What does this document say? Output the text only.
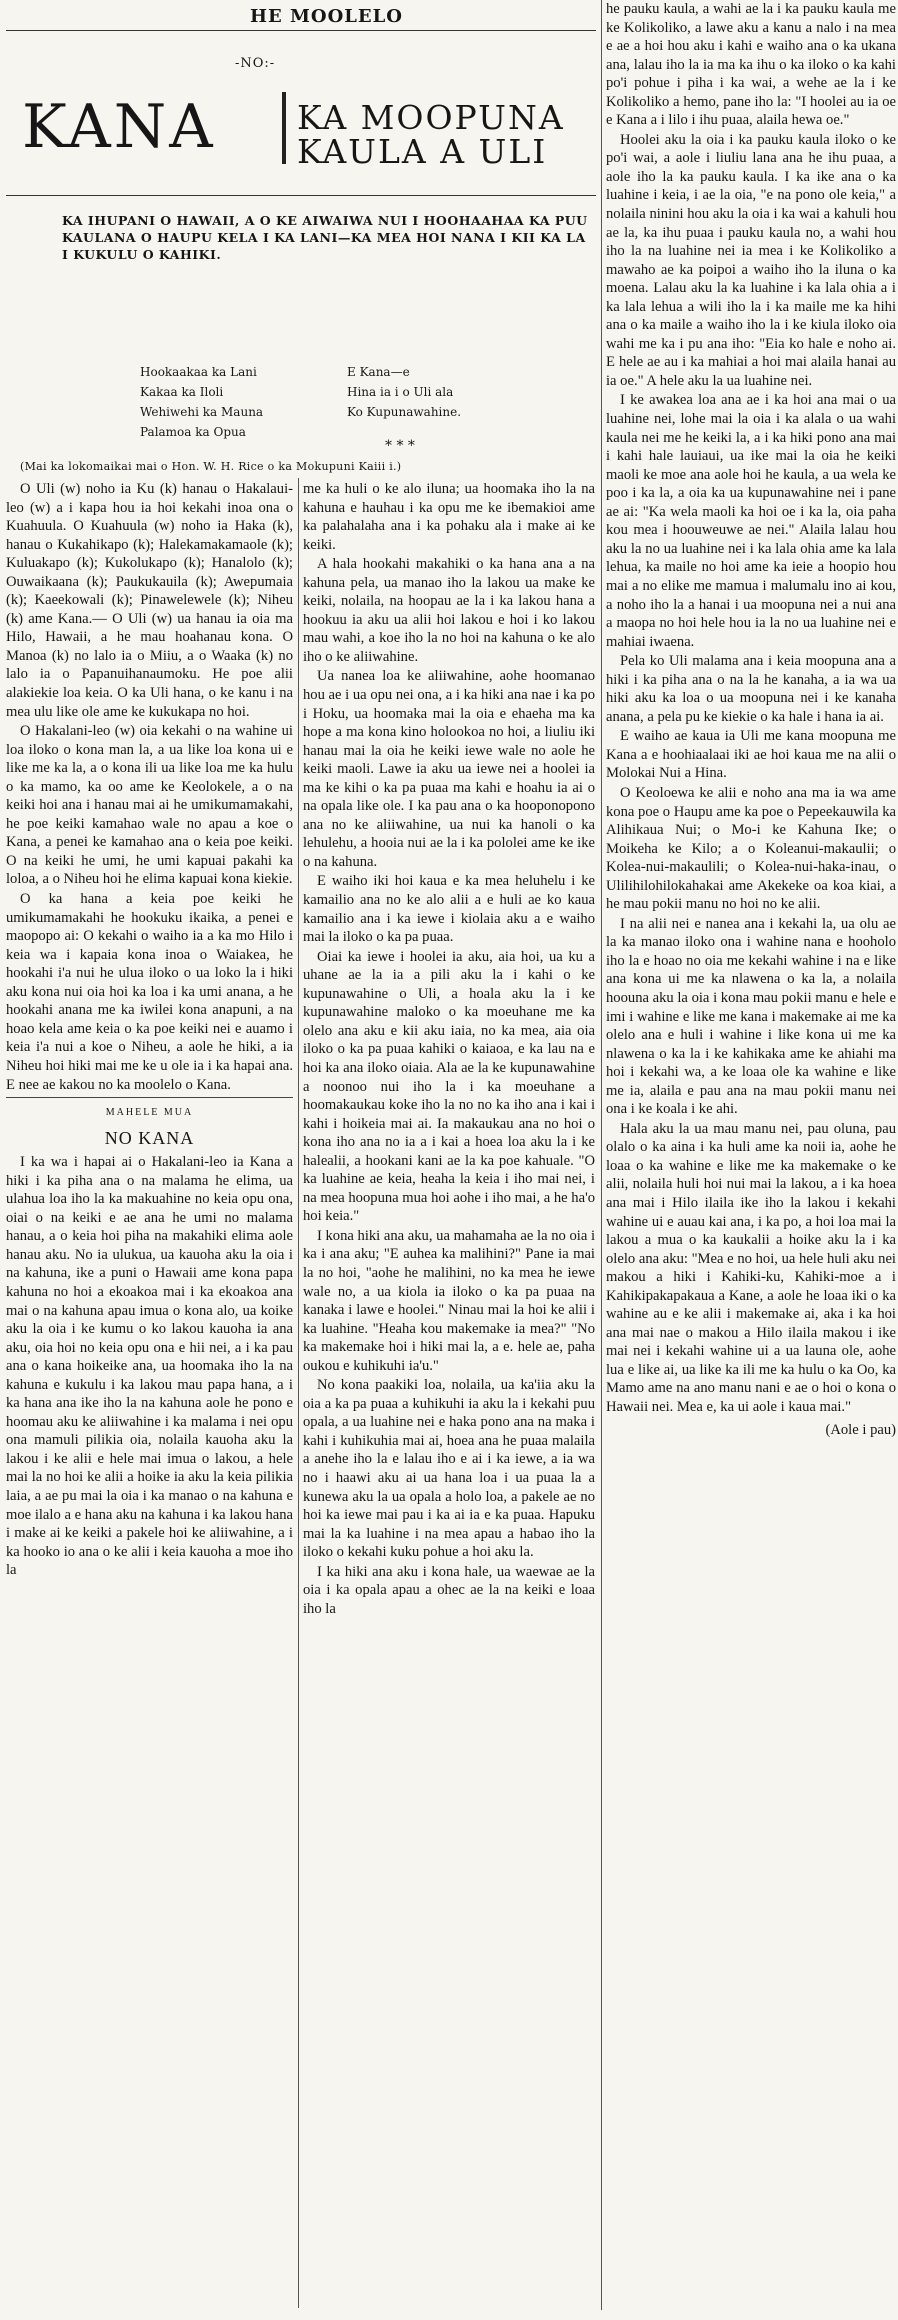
HE MOOLELO
-NO:-
KANA KA MOOPUNA
KAULA A ULI
KA IHUPANI O HAWAII, A O KE AIWAIWA NUI I HOOHAAHAA KA PUU KAULANA O HAUPU KELA I KA LANI—KA MEA HOI NANA I KII KA LA I KUKULU O KAHIKI.
Hookaakaa ka Lani
Kakaa ka Iloli
Wehiwehi ka Mauna
Palamoa ka Opua
E Kana—e
Hina ia i o Uli ala
Ko Kupunawahine.
* * *
(Mai ka lokomaikai mai o Hon. W. H. Rice o ka Mokupuni Kaiii i.)

O Uli (w) noho ia Ku (k) hanau o Hakalaui-leo (w) a i kapa hou ia hoi kekahi inoa ona o Kuahuula. O Kuahuula (w) noho ia Haka (k), hanau o Kukahikapo (k); Halekamakamaole (k); Kuluakapo (k); Kukolukapo (k); Hanalolo (k); Ouwaikaana (k); Paukukauila (k); Awepumaia (k); Kaeekowali (k); Pinawelewele (k); Niheu (k) ame Kana.— O Uli (w) ua hanau ia oia ma Hilo, Hawaii, a he mau hoahanau kona. O Manoa (k) no lalo ia o Miiu, a o Waaka (k) no lalo ia o Papanuihanaumoku. He poe alii alakiekie loa keia. O ka Uli hana, o ke kanu i na mea ulu like ole ame ke kukukapa no hoi.

O Hakalani-leo (w) oia kekahi o na wahine ui loa iloko o kona man la, a ua like loa kona ui e like me ka la, a o kona ili ua like loa me ka hulu o ka mamo, ka oo ame ke Keolokele, a o na keiki hoi ana i hanau mai ai he umikumamakahi, he poe keiki kamahao wale no apau a koe o Kana, a penei ke kamahao ana o keia poe keiki. O na keiki he umi, he umi kapuai pakahi ka loloa, a o Niheu hoi he elima kapuai kona kiekie.

O ka hana a keia poe keiki he umikumamakahi he hookuku ikaika, a penei e maopopo ai: O kekahi o waiho ia a ka mo Hilo i keia wa i kapaia kona inoa o Waiakea, he hookahi i'a nui he ulua iloko o ua loko la i hiki aku kona nui oia hoi ka loa i ka umi anana, a he hookahi anana me ka iwilei kona anapuni, a na hoao kela ame keia o ka poe keiki nei e auamo i keia i'a nui a koe o Niheu, a aole he hiki, a ia Niheu hoi hiki mai me ke u ole ia i ka hapai ana. E nee ae kakou no ka moolelo o Kana.

MAHELE MUA
NO KANA

I ka wa i hapai ai o Hakalani-leo ia Kana a hiki i ka piha ana o na malama he elima, ua ulahua loa iho la ka makuahine no keia opu ona, oiai o na keiki e ae ana he umi no malama hanau, a o keia hoi piha na makahiki elima aole hanau aku. No ia ulukua, ua kauoha aku la oia i na kahuna, ike a puni o Hawaii ame kona papa kahuna no hoi a ekoakoa mai i ka ekoakoa ana mai o na kahuna apau imua o kona alo, ua koike aku la oia i ke kumu o ko lakou kauoha ia ana aku, oia hoi no keia opu ona e hii nei, a i ka pau ana o kana hoikeike ana, ua hoomaka iho la na kahuna e kukulu i ka lakou mau papa hana, a i ka hana ana ike iho la na kahuna aole he pono e hoomau aku ke aliiwahine i ka malama i nei opu ona mamuli pilikia oia, nolaila kauoha aku la lakou i ke alii e hele mai imua o lakou, a hele mai la no hoi ke alii a hoike ia aku la keia pilikia laia, a ae pu mai la oia i ka manao o na kahuna e moe ilalo a e hana aku na kahuna i ka lakou hana i make ai ke keiki a pakele hoi ke aliiwahine, a i ka hooko io ana o ke alii i keia kauoha a moe iho la

me ka huli o ke alo iluna; ua hoomaka iho la na kahuna e hauhau i ka opu me ke ibemakioi ame ka palahalaha ana i ka pohaku ala i make ai ke keiki.

A hala hookahi makahiki o ka hana ana a na kahuna pela, ua manao iho la lakou ua make ke keiki, nolaila, na hoopau ae la i ka lakou hana a hookuu ia aku ua alii hoi lakou e hoi i ko lakou mau wahi, a koe iho la no hoi na kahuna o ke alo iho o ke aliiwahine.

Ua nanea loa ke aliiwahine, aohe hoomanao hou ae i ua opu nei ona, a i ka hiki ana nae i ka po i Hoku, ua hoomaka mai la oia e ehaeha ma ka hope a ma kona kino holookoa no hoi, a liuliu iki hanau mai la oia he keiki iewe wale no aole he keiki maoli. Lawe ia aku ua iewe nei a hoolei ia ma ke kihi o ka pa puaa ma kahi e hoahu ia ai o na opala like ole. I ka pau ana o ka hooponopono ana no ke aliiwahine, ua nui ka hanoli o ka lehulehu, a hooia nui ae la i ka pololei ame ke ike o na kahuna.

E waiho iki hoi kaua e ka mea heluhelu i ke kamailio ana no ke alo alii a e huli ae ko kaua kamailio ana i ka iewe i kiolaia aku a e waiho mai la iloko o ka pa puaa.

Oiai ka iewe i hoolei ia aku, aia hoi, ua ku a uhane ae la ia a pili aku la i kahi o ke kupunawahine o Uli, a hoala aku la i ke kupunawahine maloko o ka moeuhane me ka olelo ana aku e kii aku iaia, no ka mea, aia oia iloko o ka pa puaa kahiki o kaiaoa, e ka lau na e hoi ka ana iloko oiaia. Ala ae la ke kupunawahine a noonoo nui iho la i ka moeuhane a hoomakaukau koke iho la no no ka iho ana i kai i kahi i hoikeia mai ai. Ia makaukau ana no hoi o kona iho ana no ia a i kai a hoea loa aku la i ke halealii, a hookani kani ae la ka poe kahuale. "O ka luahine ae keia, heaha la keia i iho mai nei, i na mea hoopuna mua hoi aohe i iho mai, a he ha'o hoi keia."

I kona hiki ana aku, ua mahamaha ae la no oia i ka i ana aku; "E auhea ka malihini?" Pane ia mai la no hoi, "aohe he malihini, no ka mea he iewe wale no, a ua kiola ia iloko o ka pa puaa na kanaka i lawe e hoolei." Ninau mai la hoi ke alii i ka luahine. "Heaha kou makemake ia mea?" "No ka makemake hoi i hiki mai la, a e. hele ae, paha oukou e kuhikuhi ia'u."

No kona paakiki loa, nolaila, ua ka'iia aku la oia a ka pa puaa a kuhikuhi ia aku la i kekahi puu opala, a ua luahine nei e haka pono ana na maka i kahi i kuhikuhia mai ai, hoea ana he puaa malaila a anehe iho la e lalau iho e ai i ka iewe, a ia wa no i haawi aku ai ua hana loa i ua puaa la a kunewa aku la ua opala a holo loa, a pakele ae no hoi ka iewe mai pau i ka ai ia e ka puaa. Hapuku mai la ka luahine i na mea apau a habao iho la iloko o kekahi kuku pohue a hoi aku la.

I ka hiki ana aku i kona hale, ua waewae ae la oia i ka opala apau a ohec ae la na keiki e loaa iho la

he pauku kaula, a wahi ae la i ka pauku kaula me ke Kolikoliko, a lawe aku a kanu a nalo i na mea e ae a hoi hou aku i kahi e waiho ana o ka ukana ana, lalau iho la ia ma ka ihu o ka iloko o ka kahi po'i pohue i piha i ka wai, a wehe ae la i ke Kolikoliko a hemo, pane iho la: "I hoolei au ia oe e Kana a i lilo i ihu puaa, alaila hewa oe."

Hoolei aku la oia i ka pauku kaula iloko o ke po'i wai, a aole i liuliu lana ana he ihu puaa, a aole iho la ka pauku kaula. I ka ike ana o ka luahine i keia, i ae la oia, "e na pono ole keia," a nolaila ninini hou aku la oia i ka wai a kahuli hou ae la, ka ihu puaa i pauku kaula no, a wahi hou iho la na luahine nei ia mea i ke Kolikoliko a mawaho ae ka poipoi a waiho iho la iluna o ka moena. Lalau aku la ka luahine i ka lala ohia a i ka lala lehua a wili iho la i ka maile me ka hihi ana o ka maile a waiho iho la i ke kiula iloko oia wahi me ka i pu ana iho: "Eia ko hale e noho ai. E hele ae au i ka mahiai a hoi mai alaila hanai au ia oe." A hele aku la ua luahine nei.

I ke awakea loa ana ae i ka hoi ana mai o ua luahine nei, lohe mai la oia i ka alala o ua wahi kaula nei me he keiki la, a i ka hiki pono ana mai i kahi hale lauiaui, ua ike mai la oia he keiki maoli ke moe ana aole hoi he kaula, a ua wela ke poo i ka la, a oia ka ua kupunawahine nei i pane ae ai: "Ka wela maoli ka hoi oe i ka la, oia paha kou mea i hoouweuwe ae nei." Alaila lalau hou aku la no ua luahine nei i ka lala ohia ame ka lala lehua, ka maile no hoi ame ka ieie a hoopio hou mai a no elike me mamua i malumalu ino ai kou, a noho iho la a hanai i ua moopuna nei a nui ana a maopa no hoi hele hou ia la no ua luahine nei e mahiai iwaena.

Pela ko Uli malama ana i keia moopuna ana a hiki i ka piha ana o na la he kanaha, a ia wa ua hiki aku ka loa o ua moopuna nei i ke kanaha anana, a pela pu ke kiekie o ka hale i hana ia ai.

E waiho ae kaua ia Uli me kana moopuna me Kana a e hoohiaalaai iki ae hoi kaua me na alii o Molokai Nui a Hina.

O Keoloewa ke alii e noho ana ma ia wa ame kona poe o Haupu ame ka poe o Pepeekauwila ka Alihikaua Nui; o Mo-i ke Kahuna Ike; o Moikeha ke Kilo; a o Koleanui-makaulii; o Kolea-nui-makaulili; o Kolea-nui-haka-inau, o Ulilihilohilokahakai ame Akekeke oa koa kiai, a he mau pokii manu no hoi no ke alii.

I na alii nei e nanea ana i kekahi la, ua olu ae la ka manao iloko ona i wahine nana e hooholo iho la e hoao no oia me kekahi wahine i na e like ana kona ui me ka nlawena o ka la, a nolaila hoouna aku la oia i kona mau pokii manu e hele e imi i wahine e like me kana i makemake ai me ka olelo ana e huli i wahine i like kona ui me ka nlawena o ka la i ke kahikaka ame ke ahiahi ma hoi i kekahi wa, a ke loaa ole ka wahine e like me ia, alaila e pau ana na mau pokii manu nei ona i ke koala i ke ahi.

Hala aku la ua mau manu nei, pau oluna, pau olalo o ka aina i ka huli ame ka noii ia, aohe he loaa o ka wahine e like me ka makemake o ke alii, nolaila huli hoi nui mai la lakou, a i ka hoea ana mai i Hilo ilaila ike iho la lakou i kekahi wahine ui e auau kai ana, i ka po, a hoi loa mai la lakou a mua o ka kaukalii a hoike aku la i ka olelo ana aku: "Mea e no hoi, ua hele huli aku nei makou a hiki i Kahiki-ku, Kahiki-moe a i Kahikipakapakaua a Kane, a aole he loaa iki o ka wahine au e ke alii i makemake ai, aka i ka hoi ana mai nae o makou a Hilo ilaila makou i ike mai nei i kekahi wahine ui a ua launa ole, aohe lua e like ai, ua like ka ili me ka hulu o ka Oo, ka Mamo ame na ano manu nani e ae o hoi o kona o Hawaii nei. Mea e, ka ui aole i kaua mai."

(Aole i pau)
